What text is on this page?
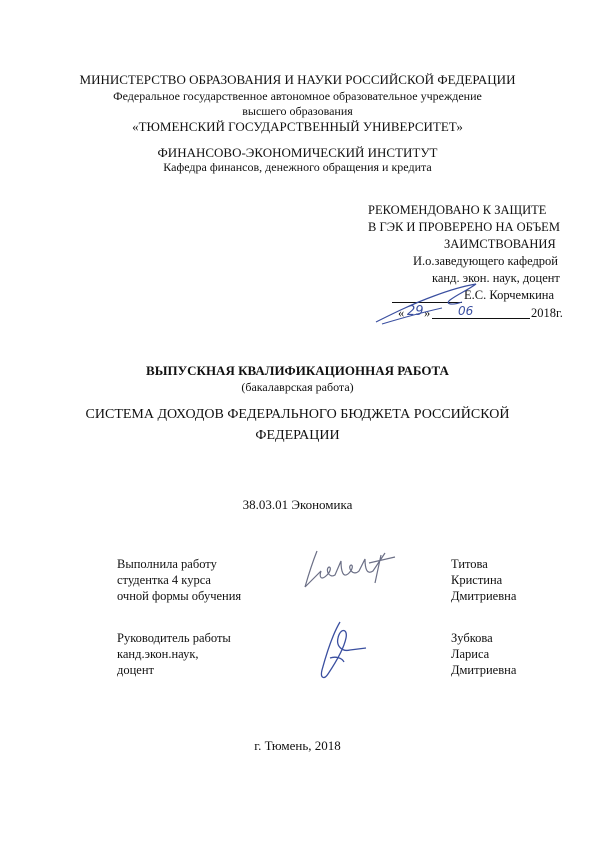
МИНИСТЕРСТВО ОБРАЗОВАНИЯ И НАУКИ РОССИЙСКОЙ ФЕДЕРАЦИИ
Федеральное государственное автономное образовательное учреждение
высшего образования
«ТЮМЕНСКИЙ ГОСУДАРСТВЕННЫЙ УНИВЕРСИТЕТ»
ФИНАНСОВО-ЭКОНОМИЧЕСКИЙ ИНСТИТУТ
Кафедра финансов, денежного обращения и кредита
РЕКОМЕНДОВАНО К ЗАЩИТЕ
В ГЭК И ПРОВЕРЕНО НА ОБЪЕМ
ЗАИМСТВОВАНИЯ
И.о.заведующего кафедрой
канд. экон. наук, доцент
Е.С. Корчемкина
« 29 » 06	2018г.
ВЫПУСКНАЯ КВАЛИФИКАЦИОННАЯ РАБОТА
(бакалаврская работа)
СИСТЕМА ДОХОДОВ ФЕДЕРАЛЬНОГО БЮДЖЕТА РОССИЙСКОЙ
ФЕДЕРАЦИИ
38.03.01 Экономика
Выполнила работу
студентка 4 курса
очной формы обучения
Титова
Кристина
Дмитриевна
Руководитель работы
канд.экон.наук,
доцент
Зубкова
Лариса
Дмитриевна
г. Тюмень, 2018
